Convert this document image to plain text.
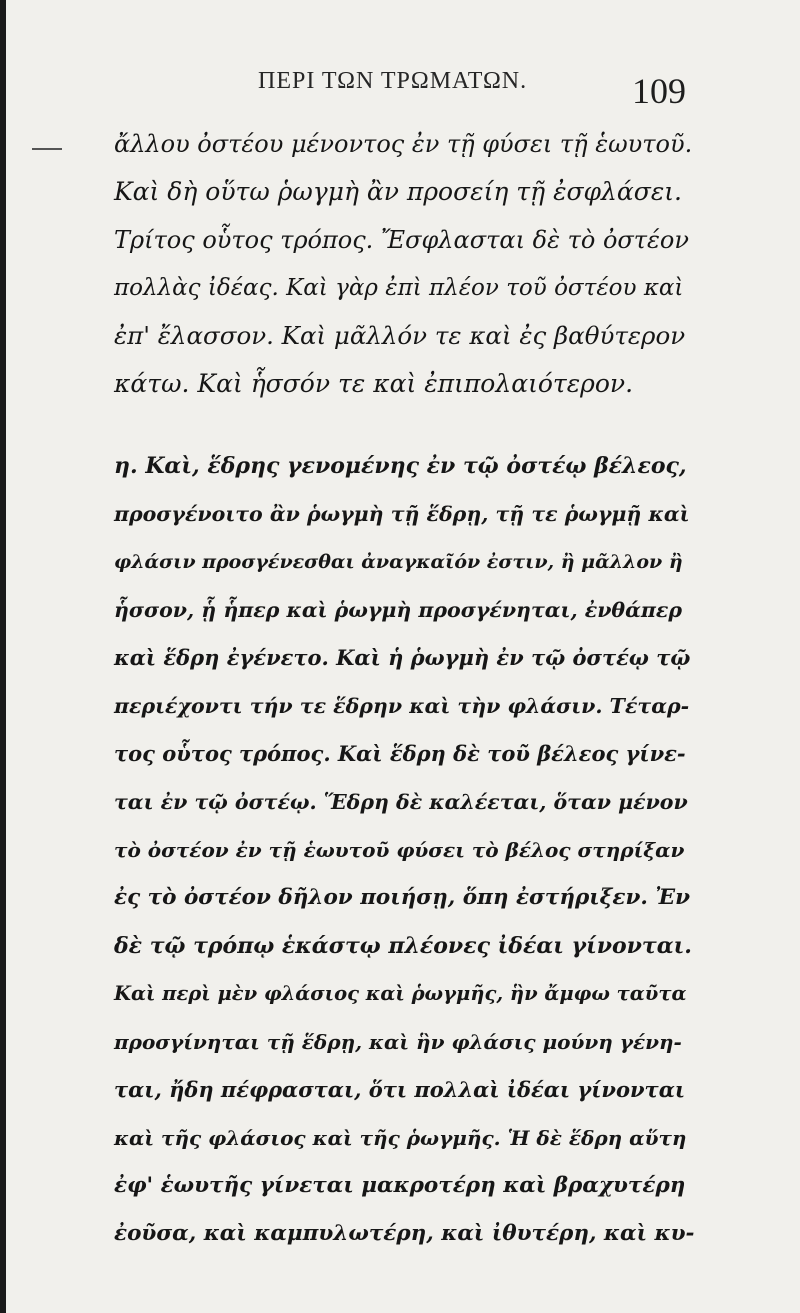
ΠΕΡΙ ΤΩΝ ΤΡΩΜΑΤΩΝ.	109
ἄλλου ὀστέου μένοντος ἐν τῇ φύσει τῇ ἑωυτοῦ.
Καὶ δὴ οὕτω ῥωγμὴ ἂν προσείη τῇ ἐσφλάσει.
Τρίτος οὗτος τρόπος. Ἔσφλασται δὲ τὸ ὀστέον
πολλὰς ἰδέας. Καὶ γὰρ ἐπὶ πλέον τοῦ ὀστέου καὶ
ἐπ' ἔλασσον. Καὶ μᾶλλόν τε καὶ ἐς βαθύτερον
κάτω. Καὶ ἧσσόν τε καὶ ἐπιπολαιότερον.
η. Καὶ, ἕδρης γενομένης ἐν τῷ ὀστέῳ βέλεος,
προσγένοιτο ἂν ῥωγμὴ τῇ ἕδρῃ, τῇ τε ῥωγμῇ καὶ
φλάσιν προσγένεσθαι ἀναγκαῖόν ἐστιν, ἢ μᾶλλον ἢ
ἧσσον, ᾗ ἧπερ καὶ ῥωγμὴ προσγένηται, ἐνθάπερ
καὶ ἕδρη ἐγένετο. Καὶ ἡ ῥωγμὴ ἐν τῷ ὀστέῳ τῷ
περιέχοντι τήν τε ἕδρην καὶ τὴν φλάσιν. Τέταρ-
τος οὗτος τρόπος. Καὶ ἕδρη δὲ τοῦ βέλεος γίνε-
ται ἐν τῷ ὀστέῳ. Ἕδρη δὲ καλέεται, ὅταν μένον
τὸ ὀστέον ἐν τῇ ἑωυτοῦ φύσει τὸ βέλος στηρίξαν
ἐς τὸ ὀστέον δῆλον ποιήσῃ, ὅπη ἐστήριξεν. Ἐν
δὲ τῷ τρόπῳ ἑκάστῳ πλέονες ἰδέαι γίνονται.
Καὶ περὶ μὲν φλάσιος καὶ ῥωγμῆς, ἣν ἄμφω ταῦτα
προσγίνηται τῇ ἕδρῃ, καὶ ἣν φλάσις μούνη γένη-
ται, ἤδη πέφρασται, ὅτι πολλαὶ ἰδέαι γίνονται
καὶ τῆς φλάσιος καὶ τῆς ῥωγμῆς. Ἡ δὲ ἕδρη αὕτη
ἐφ' ἑωυτῆς γίνεται μακροτέρη καὶ βραχυτέρη
ἐοῦσα, καὶ καμπυλωτέρη, καὶ ἰθυτέρη, καὶ κυ-
